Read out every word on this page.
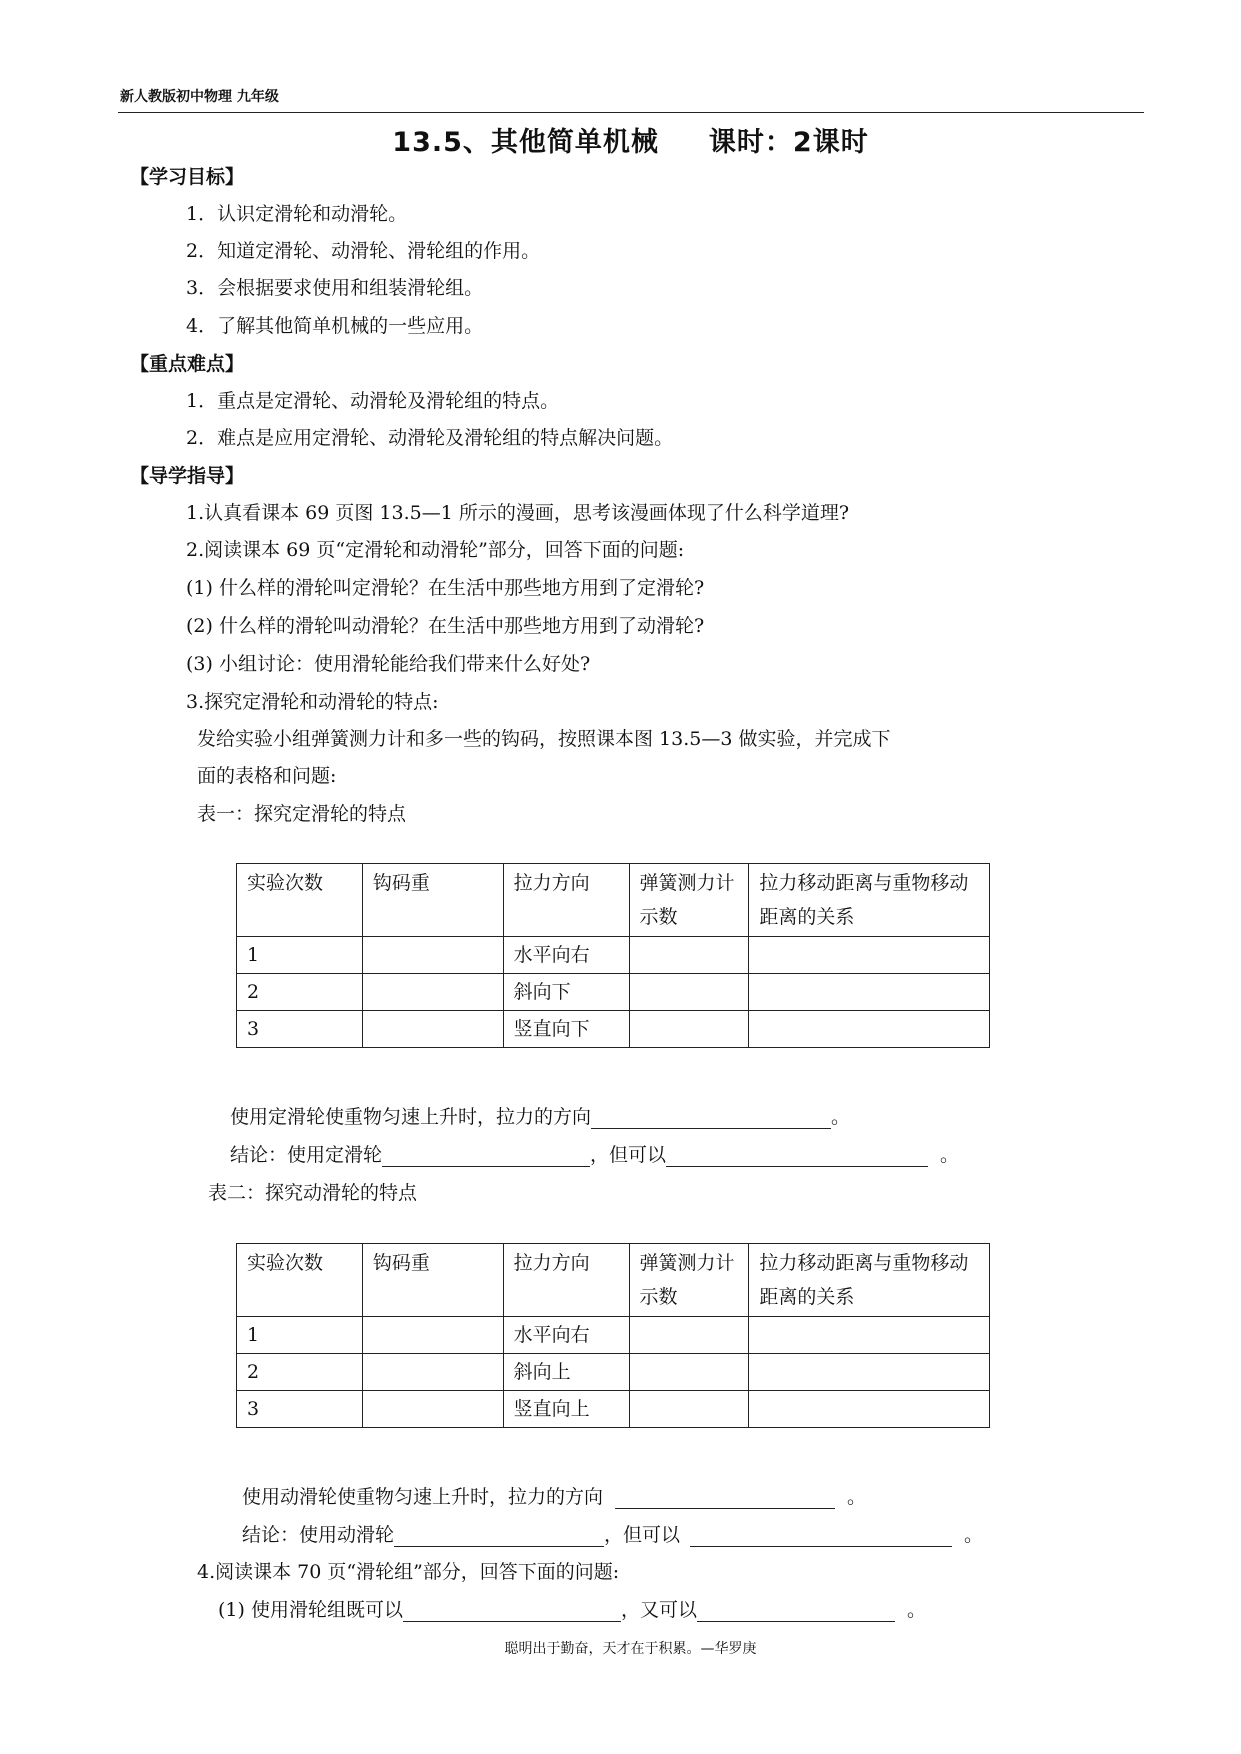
新人教版初中物理 九年级
13.5、其他简单机械 课时：2课时
【学习目标】
1．认识定滑轮和动滑轮。
2．知道定滑轮、动滑轮、滑轮组的作用。
3．会根据要求使用和组装滑轮组。
4．了解其他简单机械的一些应用。
【重点难点】
1．重点是定滑轮、动滑轮及滑轮组的特点。
2．难点是应用定滑轮、动滑轮及滑轮组的特点解决问题。
【导学指导】
1.认真看课本 69 页图 13.5—1 所示的漫画，思考该漫画体现了什么科学道理?
2.阅读课本 69 页“定滑轮和动滑轮”部分，回答下面的问题:
(1) 什么样的滑轮叫定滑轮？在生活中那些地方用到了定滑轮?
(2) 什么样的滑轮叫动滑轮？在生活中那些地方用到了动滑轮?
(3) 小组讨论：使用滑轮能给我们带来什么好处?
3.探究定滑轮和动滑轮的特点:
发给实验小组弹簧测力计和多一些的钩码，按照课本图 13.5—3 做实验，并完成下
面的表格和问题:
表一：探究定滑轮的特点
实验次数	钩码重	拉力方向	弹簧测力计示数	拉力移动距离与重物移动距离的关系
1		水平向右		
2		斜向下		
3		竖直向下		
使用定滑轮使重物匀速上升时，拉力的方向	。
结论：使用定滑轮	，但可以	。
表二：探究动滑轮的特点
实验次数	钩码重	拉力方向	弹簧测力计示数	拉力移动距离与重物移动距离的关系
1		水平向右		
2		斜向上		
3		竖直向上		
使用动滑轮使重物匀速上升时，拉力的方向	。
结论：使用动滑轮	，但可以	。
4.阅读课本 70 页“滑轮组”部分，回答下面的问题:
(1) 使用滑轮组既可以	，又可以	。
聪明出于勤奋，天才在于积累。—华罗庚
